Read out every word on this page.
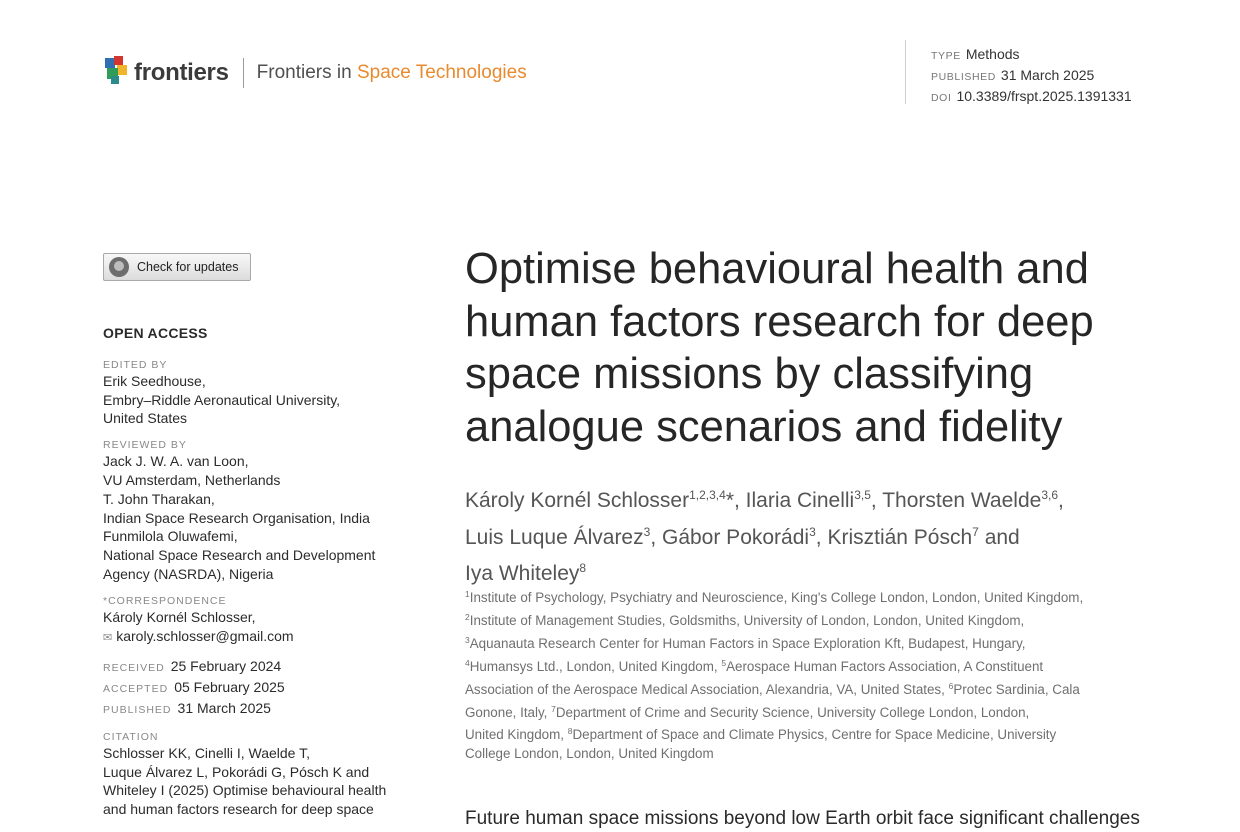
frontiers Frontiers in Space Technologies
TYPE Methods
PUBLISHED 31 March 2025
DOI 10.3389/frspt.2025.1391331
Check for updates
OPEN ACCESS
EDITED BY
Erik Seedhouse,
Embry–Riddle Aeronautical University,
United States
REVIEWED BY
Jack J. W. A. van Loon,
VU Amsterdam, Netherlands
T. John Tharakan,
Indian Space Research Organisation, India
Funmilola Oluwafemi,
National Space Research and Development
Agency (NASRDA), Nigeria
*CORRESPONDENCE
Károly Kornél Schlosser,
✉ karoly.schlosser@gmail.com
RECEIVED 25 February 2024
ACCEPTED 05 February 2025
PUBLISHED 31 March 2025
CITATION
Schlosser KK, Cinelli I, Waelde T,
Luque Álvarez L, Pokorádi G, Pósch K and
Whiteley I (2025) Optimise behavioural health
and human factors research for deep space
Optimise behavioural health and
human factors research for deep
space missions by classifying
analogue scenarios and fidelity
Károly Kornél Schlosser$^{1,2,3,4}$*, Ilaria Cinelli$^{3,5}$, Thorsten Waelde$^{3,6}$,
Luis Luque Álvarez$^3$, Gábor Pokorádi$^3$, Krisztián Pósch$^7$ and
Iya Whiteley$^8$
$^1$Institute of Psychology, Psychiatry and Neuroscience, King's College London, London, United Kingdom,
$^2$Institute of Management Studies, Goldsmiths, University of London, London, United Kingdom,
$^3$Aquanauta Research Center for Human Factors in Space Exploration Kft, Budapest, Hungary,
$^4$Humansys Ltd., London, United Kingdom, $^5$Aerospace Human Factors Association, A Constituent
Association of the Aerospace Medical Association, Alexandria, VA, United States, $^6$Protec Sardinia, Cala
Gonone, Italy, $^7$Department of Crime and Security Science, University College London, London,
United Kingdom, $^8$Department of Space and Climate Physics, Centre for Space Medicine, University
College London, London, United Kingdom
Future human space missions beyond low Earth orbit face significant challenges
